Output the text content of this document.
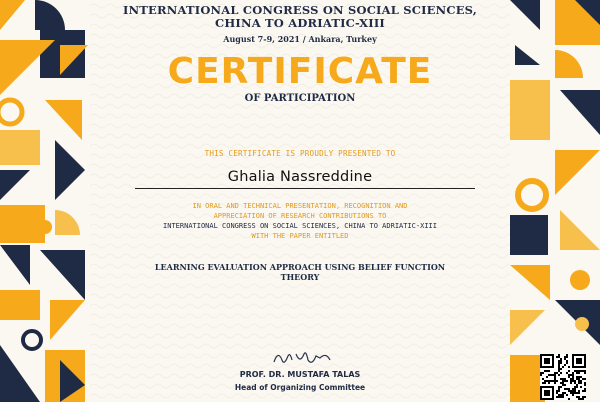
INTERNATIONAL CONGRESS ON SOCIAL SCIENCES,
CHINA TO ADRIATIC-XIII
August 7-9, 2021 / Ankara, Turkey
CERTIFICATE
OF PARTICIPATION
THIS CERTIFICATE IS PROUDLY PRESENTED TO
Ghalia Nassreddine
IN ORAL AND TECHNICAL PRESENTATION, RECOGNITION AND
APPRECIATION OF RESEARCH CONTRIBUTIONS TO
INTERNATIONAL CONGRESS ON SOCIAL SCIENCES, CHINA TO ADRIATIC-XIII
WITH THE PAPER ENTITLED
LEARNING EVALUATION APPROACH USING BELIEF FUNCTION THEORY
PROF. DR. MUSTAFA TALAS
Head of Organizing Committee
